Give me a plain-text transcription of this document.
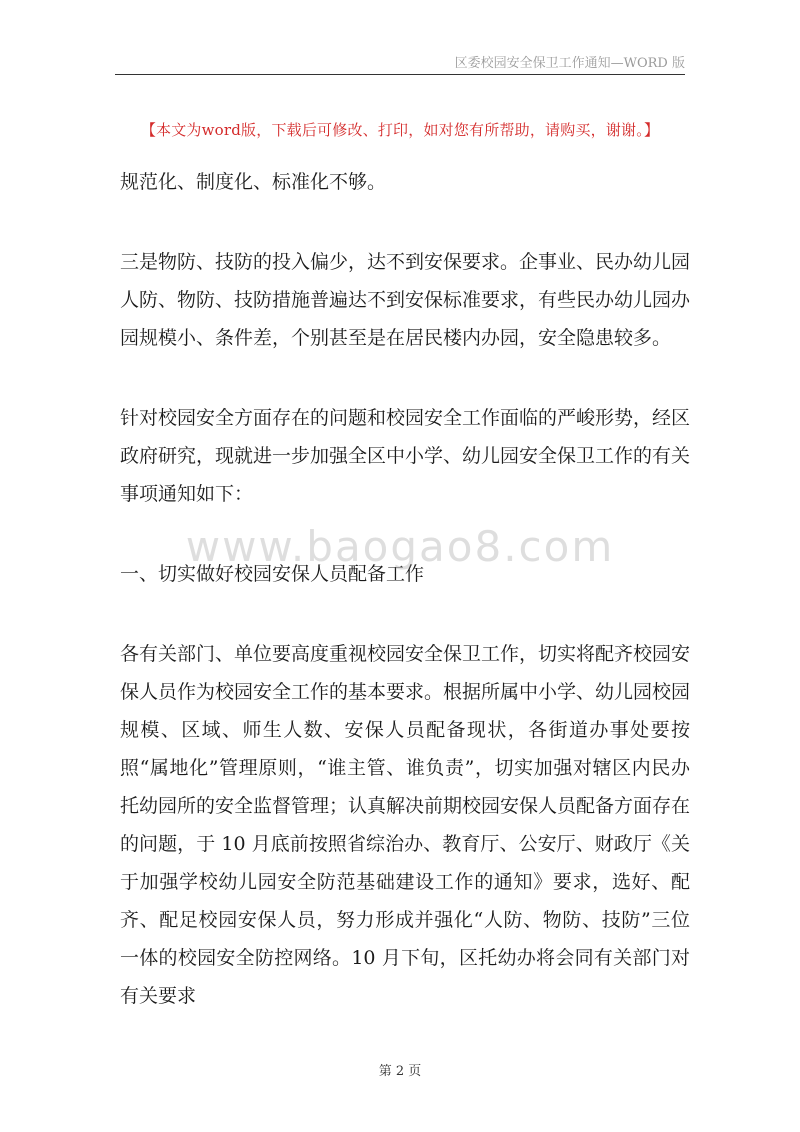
区委校园安全保卫工作通知—WORD 版
【本文为word版，下载后可修改、打印，如对您有所帮助，请购买，谢谢。】

规范化、制度化、标准化不够。

三是物防、技防的投入偏少，达不到安保要求。企事业、民办幼儿园人防、物防、技防措施普遍达不到安保标准要求，有些民办幼儿园办园规模小、条件差，个别甚至是在居民楼内办园，安全隐患较多。

针对校园安全方面存在的问题和校园安全工作面临的严峻形势，经区政府研究，现就进一步加强全区中小学、幼儿园安全保卫工作的有关事项通知如下：

一、切实做好校园安保人员配备工作

各有关部门、单位要高度重视校园安全保卫工作，切实将配齐校园安保人员作为校园安全工作的基本要求。根据所属中小学、幼儿园校园规模、区域、师生人数、安保人员配备现状，各街道办事处要按照“属地化”管理原则，“谁主管、谁负责”，切实加强对辖区内民办托幼园所的安全监督管理；认真解决前期校园安保人员配备方面存在的问题，于 10 月底前按照省综治办、教育厅、公安厅、财政厅《关于加强学校幼儿园安全防范基础建设工作的通知》要求，选好、配齐、配足校园安保人员，努力形成并强化“人防、物防、技防”三位一体的校园安全防控网络。10 月下旬，区托幼办将会同有关部门对有关要求

www.baogao8.com
第 2 页
